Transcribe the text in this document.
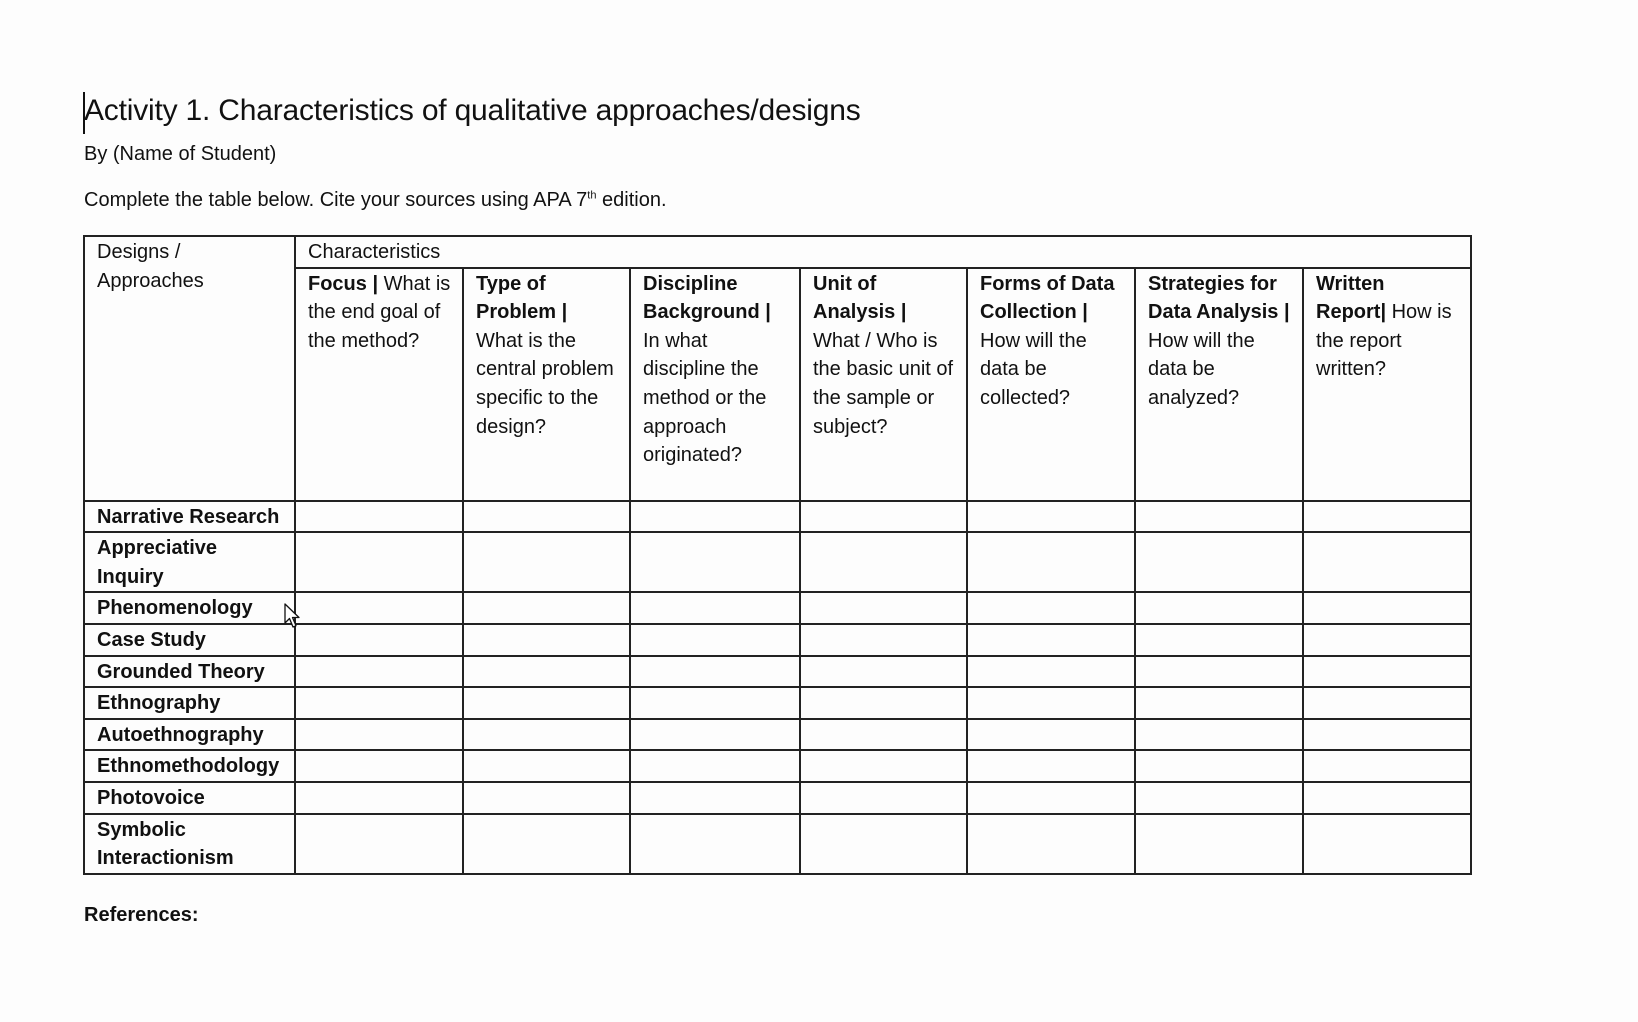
Activity 1. Characteristics of qualitative approaches/designs
By (Name of Student)
Complete the table below. Cite your sources using APA 7th edition.
Designs / Approaches	Characteristics						
	Focus | What is the end goal of the method?	Type of Problem | What is the central problem specific to the design?	Discipline Background | In what discipline the method or the approach originated?	Unit of Analysis | What / Who is the basic unit of the sample or subject?	Forms of Data Collection | How will the data be collected?	Strategies for Data Analysis | How will the data be analyzed?	Written Report| How is the report written?
Narrative Research							
Appreciative Inquiry							
Phenomenology							
Case Study							
Grounded Theory							
Ethnography							
Autoethnography							
Ethnomethodology							
Photovoice							
Symbolic Interactionism							
References:
